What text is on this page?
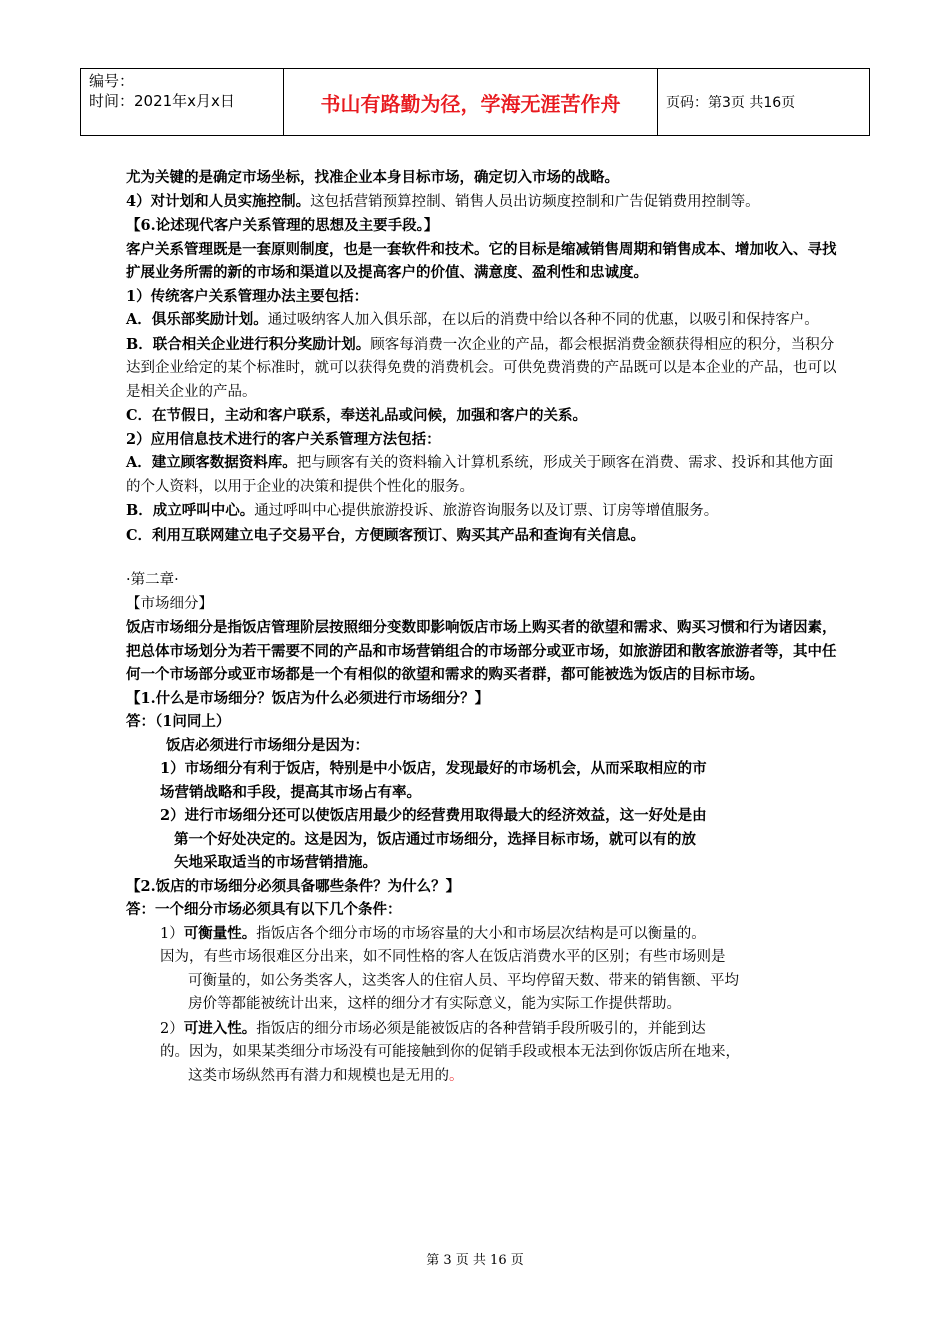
编号：
时间：2021年x月x日	书山有路勤为径，学海无涯苦作舟	页码：第3页 共16页

尤为关键的是确定市场坐标，找准企业本身目标市场，确定切入市场的战略。

4）对计划和人员实施控制。这包括营销预算控制、销售人员出访频度控制和广告促销费用控制等。

【6.论述现代客户关系管理的思想及主要手段。】

客户关系管理既是一套原则制度，也是一套软件和技术。它的目标是缩减销售周期和销售成本、增加收入、寻找扩展业务所需的新的市场和渠道以及提高客户的价值、满意度、盈利性和忠诚度。

1）传统客户关系管理办法主要包括：

A．俱乐部奖励计划。通过吸纳客人加入俱乐部，在以后的消费中给以各种不同的优惠，以吸引和保持客户。

B．联合相关企业进行积分奖励计划。顾客每消费一次企业的产品，都会根据消费金额获得相应的积分，当积分达到企业给定的某个标准时，就可以获得免费的消费机会。可供免费消费的产品既可以是本企业的产品，也可以是相关企业的产品。

C．在节假日，主动和客户联系，奉送礼品或问候，加强和客户的关系。

2）应用信息技术进行的客户关系管理方法包括：

A．建立顾客数据资料库。把与顾客有关的资料输入计算机系统，形成关于顾客在消费、需求、投诉和其他方面的个人资料，以用于企业的决策和提供个性化的服务。

B．成立呼叫中心。通过呼叫中心提供旅游投诉、旅游咨询服务以及订票、订房等增值服务。

C．利用互联网建立电子交易平台，方便顾客预订、购买其产品和查询有关信息。

·第二章·

【市场细分】

饭店市场细分是指饭店管理阶层按照细分变数即影响饭店市场上购买者的欲望和需求、购买习惯和行为诸因素，把总体市场划分为若干需要不同的产品和市场营销组合的市场部分或亚市场，如旅游团和散客旅游者等，其中任何一个市场部分或亚市场都是一个有相似的欲望和需求的购买者群，都可能被选为饭店的目标市场。

【1.什么是市场细分？饭店为什么必须进行市场细分？】

答：（1问同上）

饭店必须进行市场细分是因为：

1）市场细分有利于饭店，特别是中小饭店，发现最好的市场机会，从而采取相应的市

场营销战略和手段，提高其市场占有率。

2）进行市场细分还可以使饭店用最少的经营费用取得最大的经济效益，这一好处是由

第一个好处决定的。这是因为，饭店通过市场细分，选择目标市场，就可以有的放

矢地采取适当的市场营销措施。

【2.饭店的市场细分必须具备哪些条件？为什么？】

答：一个细分市场必须具有以下几个条件：

1）可衡量性。指饭店各个细分市场的市场容量的大小和市场层次结构是可以衡量的。

因为，有些市场很难区分出来，如不同性格的客人在饭店消费水平的区别；有些市场则是

可衡量的，如公务类客人，这类客人的住宿人员、平均停留天数、带来的销售额、平均

房价等都能被统计出来，这样的细分才有实际意义，能为实际工作提供帮助。

2）可进入性。指饭店的细分市场必须是能被饭店的各种营销手段所吸引的，并能到达

的。因为，如果某类细分市场没有可能接触到你的促销手段或根本无法到你饭店所在地来，

这类市场纵然再有潜力和规模也是无用的。

第 3 页 共 16 页
